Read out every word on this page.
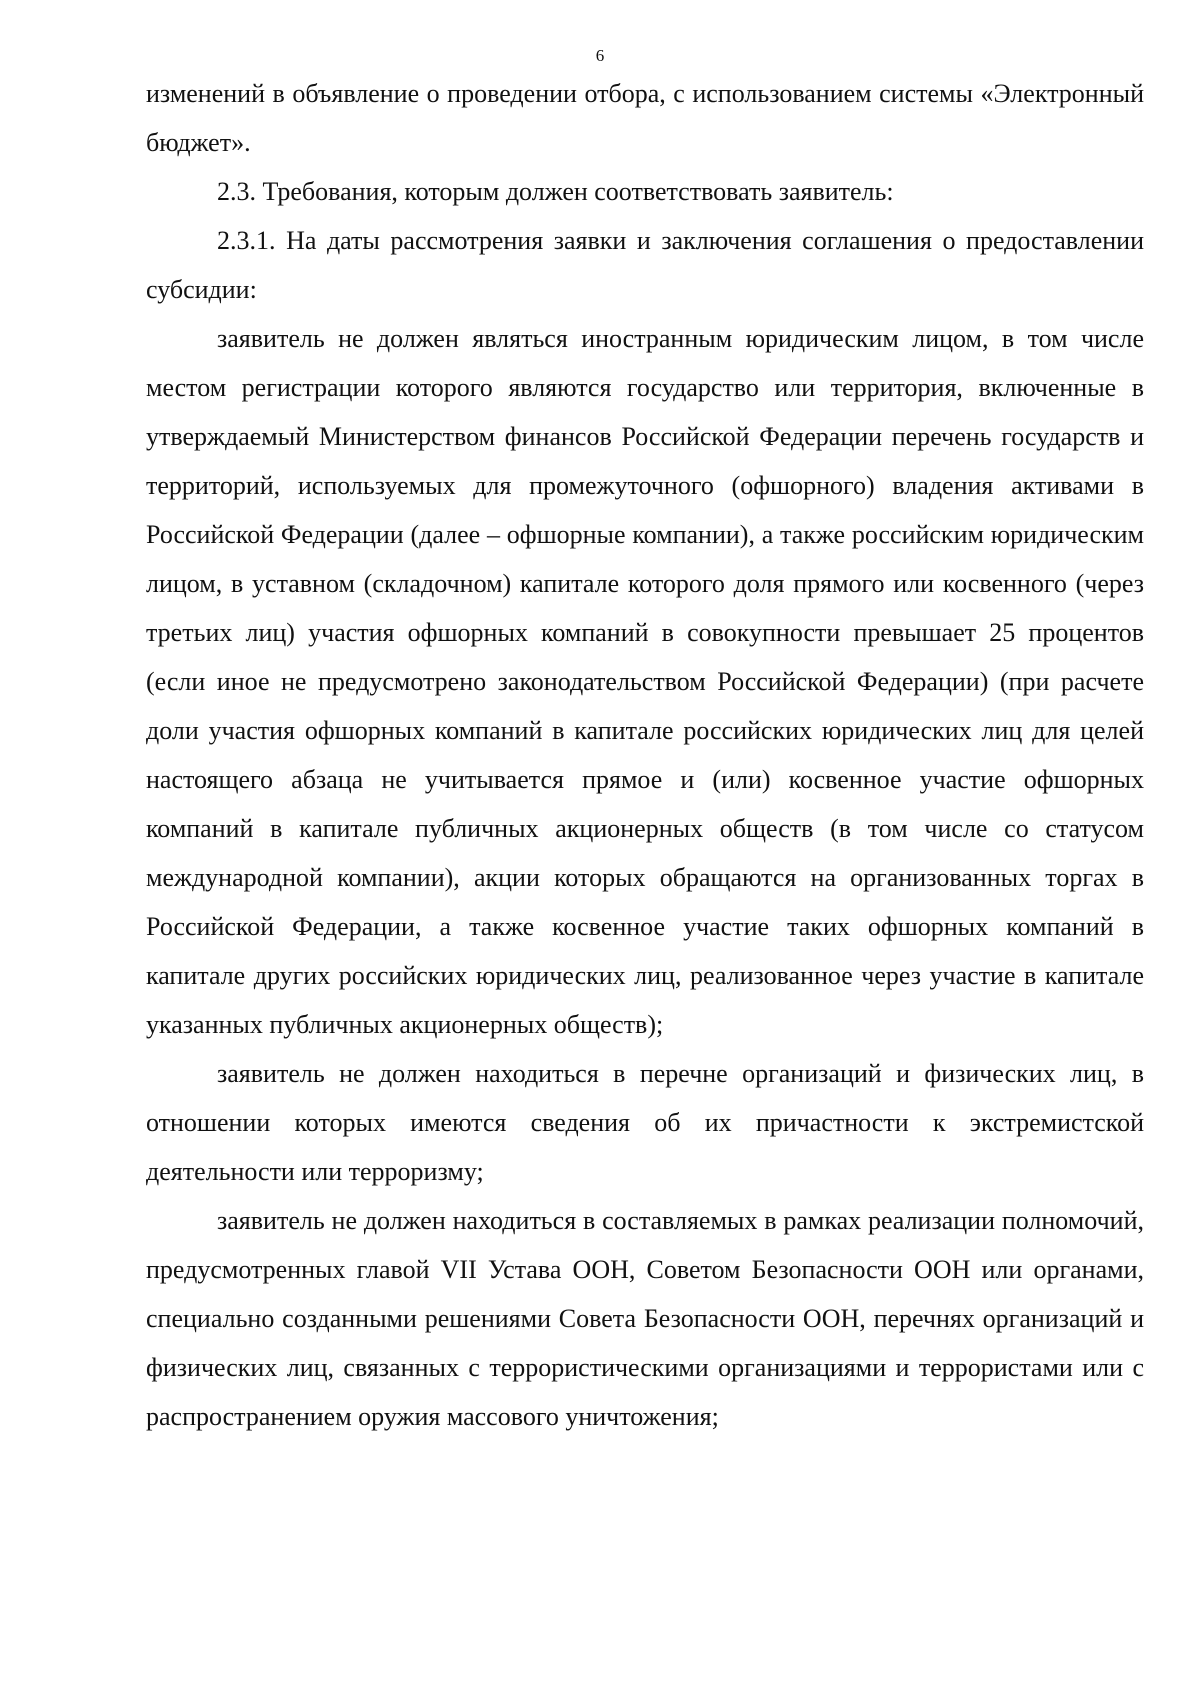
6

изменений в объявление о проведении отбора, с использованием системы «Электронный бюджет».

2.3. Требования, которым должен соответствовать заявитель:

2.3.1. На даты рассмотрения заявки и заключения соглашения о предоставлении субсидии:

заявитель не должен являться иностранным юридическим лицом, в том числе местом регистрации которого являются государство или территория, включенные в утверждаемый Министерством финансов Российской Федерации перечень государств и территорий, используемых для промежуточного (офшорного) владения активами в Российской Федерации (далее – офшорные компании), а также российским юридическим лицом, в уставном (складочном) капитале которого доля прямого или косвенного (через третьих лиц) участия офшорных компаний в совокупности превышает 25 процентов (если иное не предусмотрено законодательством Российской Федерации) (при расчете доли участия офшорных компаний в капитале российских юридических лиц для целей настоящего абзаца не учитывается прямое и (или) косвенное участие офшорных компаний в капитале публичных акционерных обществ (в том числе со статусом международной компании), акции которых обращаются на организованных торгах в Российской Федерации, а также косвенное участие таких офшорных компаний в капитале других российских юридических лиц, реализованное через участие в капитале указанных публичных акционерных обществ);

заявитель не должен находиться в перечне организаций и физических лиц, в отношении которых имеются сведения об их причастности к экстремистской деятельности или терроризму;

заявитель не должен находиться в составляемых в рамках реализации полномочий, предусмотренных главой VII Устава ООН, Советом Безопасности ООН или органами, специально созданными решениями Совета Безопасности ООН, перечнях организаций и физических лиц, связанных с террористическими организациями и террористами или с распространением оружия массового уничтожения;
